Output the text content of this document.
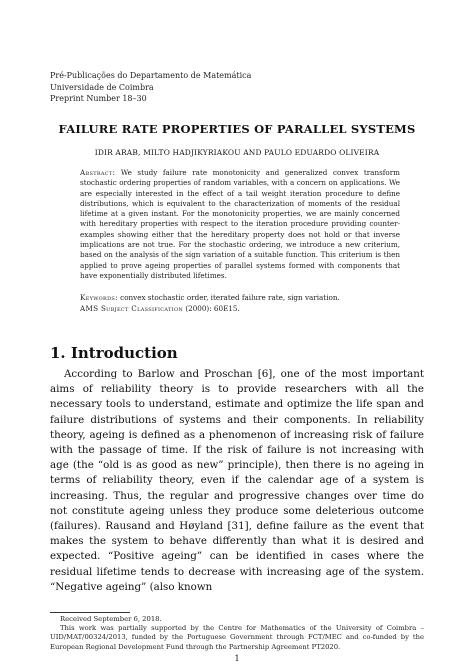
Pré-Publicações do Departamento de Matemática
Universidade de Coimbra
Preprint Number 18–30
FAILURE RATE PROPERTIES OF PARALLEL SYSTEMS
IDIR ARAB, MILTO HADJIKYRIAKOU AND PAULO EDUARDO OLIVEIRA
Abstract: We study failure rate monotonicity and generalized convex transform stochastic ordering properties of random variables, with a concern on applications. We are especially interested in the effect of a tail weight iteration procedure to define distributions, which is equivalent to the characterization of moments of the residual lifetime at a given instant. For the monotonicity properties, we are mainly concerned with hereditary properties with respect to the iteration procedure providing counter-examples showing either that the hereditary property does not hold or that inverse implications are not true. For the stochastic ordering, we introduce a new criterium, based on the analysis of the sign variation of a suitable function. This criterium is then applied to prove ageing properties of parallel systems formed with components that have exponentially distributed lifetimes.
Keywords: convex stochastic order, iterated failure rate, sign variation.
AMS Subject Classification (2000): 60E15.
1. Introduction

According to Barlow and Proschan [6], one of the most important aims of reliability theory is to provide researchers with all the necessary tools to understand, estimate and optimize the life span and failure distributions of systems and their components. In reliability theory, ageing is defined as a phenomenon of increasing risk of failure with the passage of time. If the risk of failure is not increasing with age (the “old is as good as new” principle), then there is no ageing in terms of reliability theory, even if the calendar age of a system is increasing. Thus, the regular and progressive changes over time do not constitute ageing unless they produce some deleterious outcome (failures). Rausand and Høyland [31], define failure as the event that makes the system to behave differently than what it is desired and expected. “Positive ageing” can be identified in cases where the residual lifetime tends to decrease with increasing age of the system. “Negative ageing” (also known

Received September 6, 2018.

This work was partially supported by the Centre for Mathematics of the University of Coimbra – UID/MAT/00324/2013, funded by the Portuguese Government through FCT/MEC and co-funded by the European Regional Development Fund through the Partnership Agreement PT2020.

1
